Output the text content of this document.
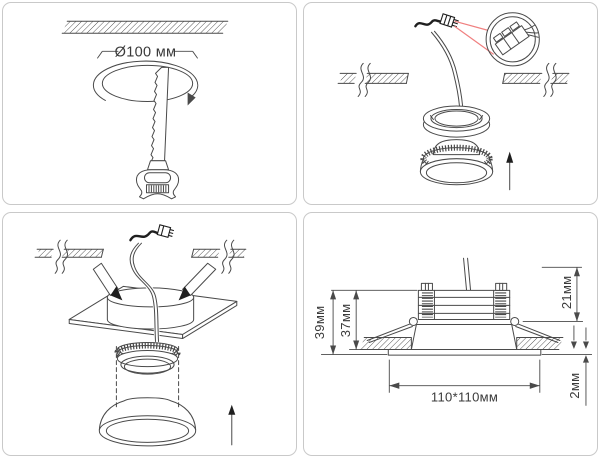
Ø100 мм
39мм 37мм
21мм
2мм
110*110мм
